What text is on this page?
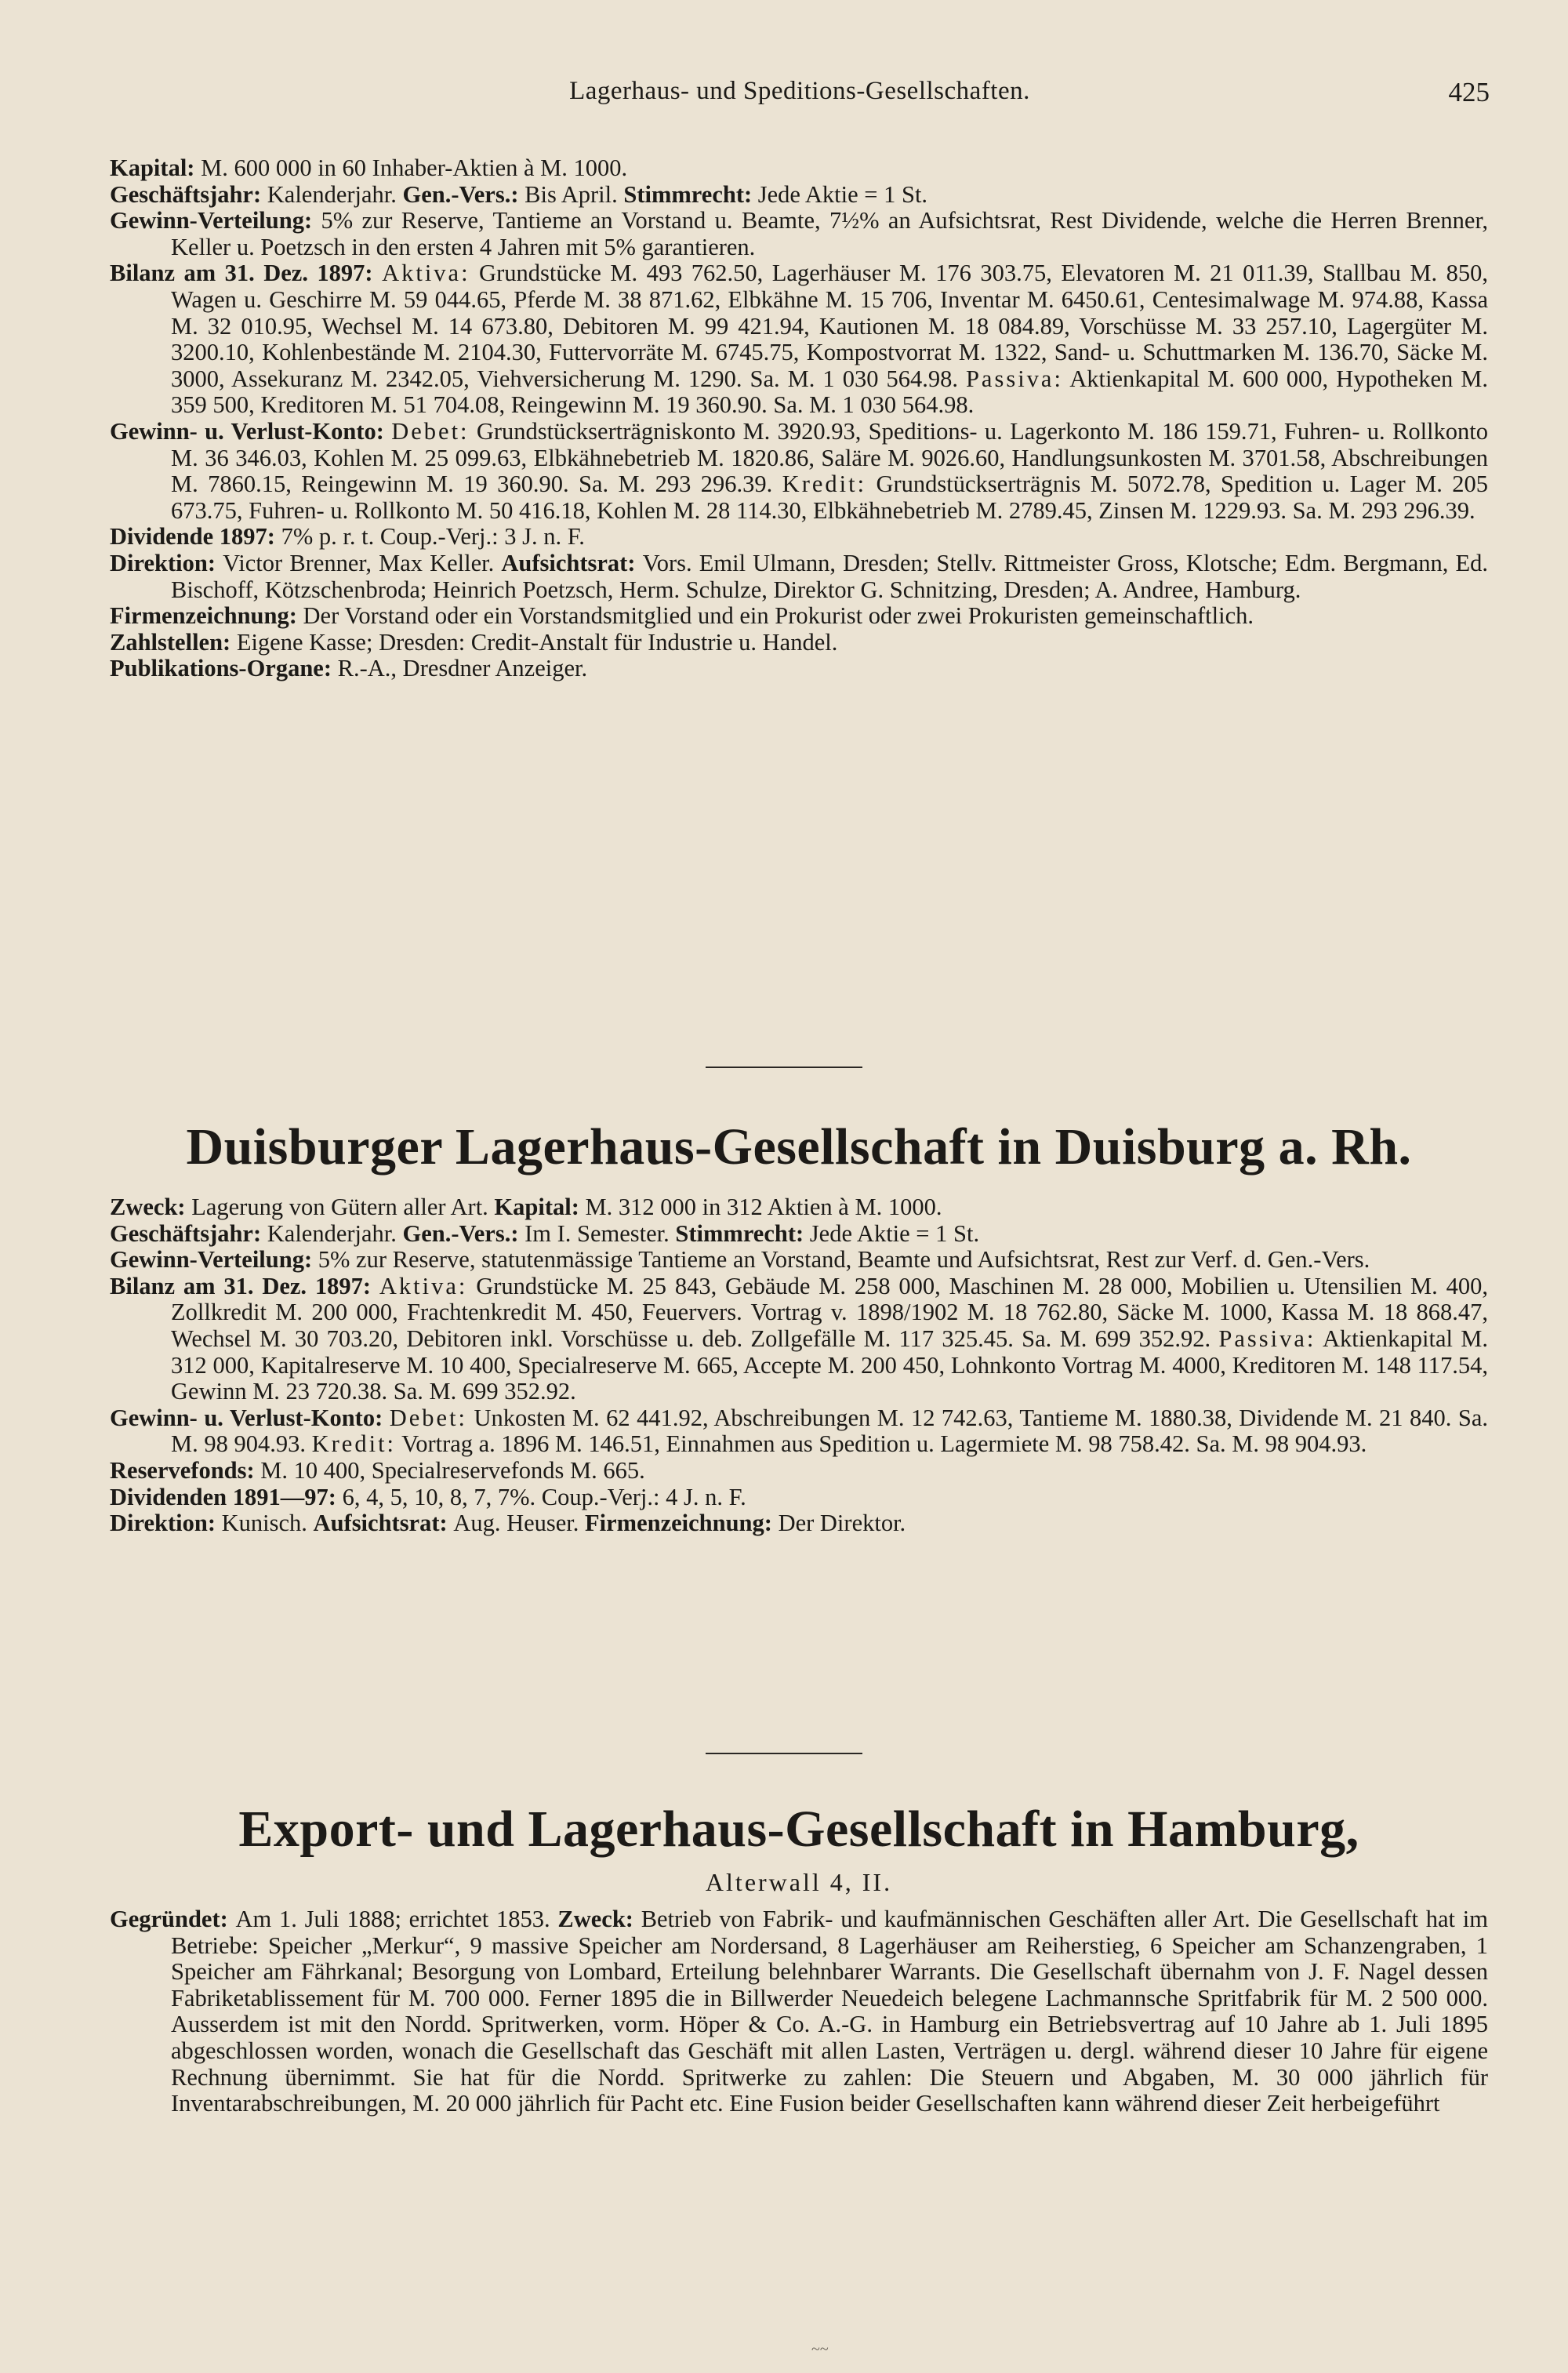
Lagerhaus- und Speditions-Gesellschaften.	425

Kapital: M. 600 000 in 60 Inhaber-Aktien à M. 1000.

Geschäftsjahr: Kalenderjahr. Gen.-Vers.: Bis April. Stimmrecht: Jede Aktie = 1 St.

Gewinn-Verteilung: 5% zur Reserve, Tantieme an Vorstand u. Beamte, 7½% an Aufsichtsrat, Rest Dividende, welche die Herren Brenner, Keller u. Poetzsch in den ersten 4 Jahren mit 5% garantieren.

Bilanz am 31. Dez. 1897: Aktiva: Grundstücke M. 493 762.50, Lagerhäuser M. 176 303.75, Elevatoren M. 21 011.39, Stallbau M. 850, Wagen u. Geschirre M. 59 044.65, Pferde M. 38 871.62, Elbkähne M. 15 706, Inventar M. 6450.61, Centesimalwage M. 974.88, Kassa M. 32 010.95, Wechsel M. 14 673.80, Debitoren M. 99 421.94, Kautionen M. 18 084.89, Vorschüsse M. 33 257.10, Lagergüter M. 3200.10, Kohlenbestände M. 2104.30, Futtervorräte M. 6745.75, Kompostvorrat M. 1322, Sand- u. Schuttmarken M. 136.70, Säcke M. 3000, Assekuranz M. 2342.05, Viehversicherung M. 1290. Sa. M. 1 030 564.98. Passiva: Aktienkapital M. 600 000, Hypotheken M. 359 500, Kreditoren M. 51 704.08, Reingewinn M. 19 360.90. Sa. M. 1 030 564.98.

Gewinn- u. Verlust-Konto: Debet: Grundstückserträgniskonto M. 3920.93, Speditions- u. Lagerkonto M. 186 159.71, Fuhren- u. Rollkonto M. 36 346.03, Kohlen M. 25 099.63, Elbkähnebetrieb M. 1820.86, Saläre M. 9026.60, Handlungsunkosten M. 3701.58, Abschreibungen M. 7860.15, Reingewinn M. 19 360.90. Sa. M. 293 296.39. Kredit: Grundstückserträgnis M. 5072.78, Spedition u. Lager M. 205 673.75, Fuhren- u. Rollkonto M. 50 416.18, Kohlen M. 28 114.30, Elbkähnebetrieb M. 2789.45, Zinsen M. 1229.93. Sa. M. 293 296.39.

Dividende 1897: 7% p. r. t. Coup.-Verj.: 3 J. n. F.

Direktion: Victor Brenner, Max Keller. Aufsichtsrat: Vors. Emil Ulmann, Dresden; Stellv. Rittmeister Gross, Klotsche; Edm. Bergmann, Ed. Bischoff, Kötzschenbroda; Heinrich Poetzsch, Herm. Schulze, Direktor G. Schnitzing, Dresden; A. Andree, Hamburg.

Firmenzeichnung: Der Vorstand oder ein Vorstandsmitglied und ein Prokurist oder zwei Prokuristen gemeinschaftlich.

Zahlstellen: Eigene Kasse; Dresden: Credit-Anstalt für Industrie u. Handel.

Publikations-Organe: R.-A., Dresdner Anzeiger.

Duisburger Lagerhaus-Gesellschaft in Duisburg a. Rh.

Zweck: Lagerung von Gütern aller Art. Kapital: M. 312 000 in 312 Aktien à M. 1000.

Geschäftsjahr: Kalenderjahr. Gen.-Vers.: Im I. Semester. Stimmrecht: Jede Aktie = 1 St.

Gewinn-Verteilung: 5% zur Reserve, statutenmässige Tantieme an Vorstand, Beamte und Aufsichtsrat, Rest zur Verf. d. Gen.-Vers.

Bilanz am 31. Dez. 1897: Aktiva: Grundstücke M. 25 843, Gebäude M. 258 000, Maschinen M. 28 000, Mobilien u. Utensilien M. 400, Zollkredit M. 200 000, Frachtenkredit M. 450, Feuervers. Vortrag v. 1898/1902 M. 18 762.80, Säcke M. 1000, Kassa M. 18 868.47, Wechsel M. 30 703.20, Debitoren inkl. Vorschüsse u. deb. Zollgefälle M. 117 325.45. Sa. M. 699 352.92. Passiva: Aktienkapital M. 312 000, Kapitalreserve M. 10 400, Specialreserve M. 665, Accepte M. 200 450, Lohnkonto Vortrag M. 4000, Kreditoren M. 148 117.54, Gewinn M. 23 720.38. Sa. M. 699 352.92.

Gewinn- u. Verlust-Konto: Debet: Unkosten M. 62 441.92, Abschreibungen M. 12 742.63, Tantieme M. 1880.38, Dividende M. 21 840. Sa. M. 98 904.93. Kredit: Vortrag a. 1896 M. 146.51, Einnahmen aus Spedition u. Lagermiete M. 98 758.42. Sa. M. 98 904.93.

Reservefonds: M. 10 400, Specialreservefonds M. 665.

Dividenden 1891—97: 6, 4, 5, 10, 8, 7, 7%. Coup.-Verj.: 4 J. n. F.

Direktion: Kunisch. Aufsichtsrat: Aug. Heuser. Firmenzeichnung: Der Direktor.

Export- und Lagerhaus-Gesellschaft in Hamburg,
Alterwall 4, II.

Gegründet: Am 1. Juli 1888; errichtet 1853. Zweck: Betrieb von Fabrik- und kaufmännischen Geschäften aller Art. Die Gesellschaft hat im Betriebe: Speicher „Merkur“, 9 massive Speicher am Nordersand, 8 Lagerhäuser am Reiherstieg, 6 Speicher am Schanzengraben, 1 Speicher am Fährkanal; Besorgung von Lombard, Erteilung belehnbarer Warrants. Die Gesellschaft übernahm von J. F. Nagel dessen Fabriketablissement für M. 700 000. Ferner 1895 die in Billwerder Neuedeich belegene Lachmannsche Spritfabrik für M. 2 500 000. Ausserdem ist mit den Nordd. Spritwerken, vorm. Höper & Co. A.-G. in Hamburg ein Betriebsvertrag auf 10 Jahre ab 1. Juli 1895 abgeschlossen worden, wonach die Gesellschaft das Geschäft mit allen Lasten, Verträgen u. dergl. während dieser 10 Jahre für eigene Rechnung übernimmt. Sie hat für die Nordd. Spritwerke zu zahlen: Die Steuern und Abgaben, M. 30 000 jährlich für Inventarabschreibungen, M. 20 000 jährlich für Pacht etc. Eine Fusion beider Gesellschaften kann während dieser Zeit herbeigeführt

~~
